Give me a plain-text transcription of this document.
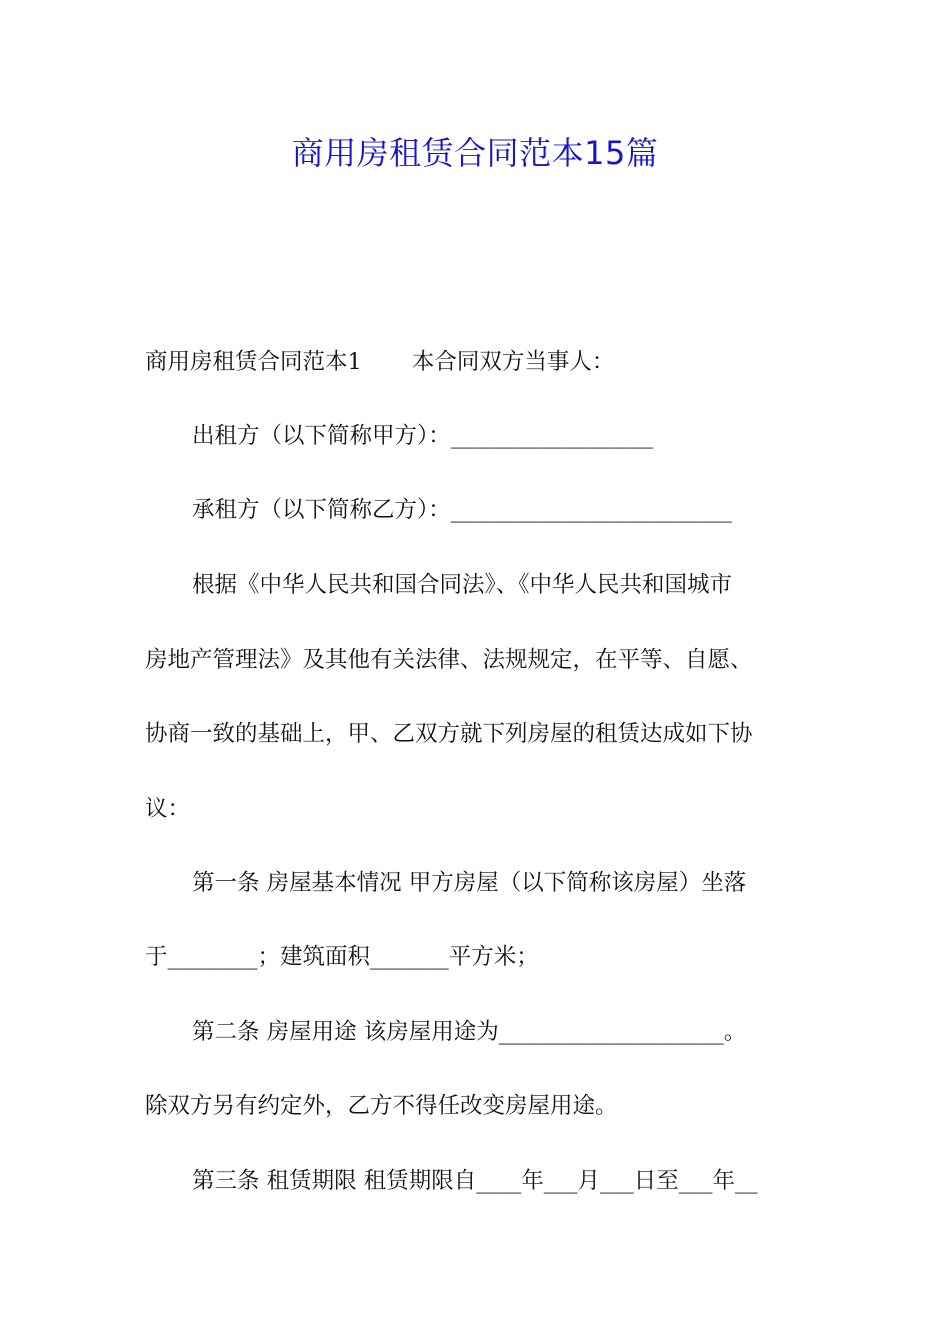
商用房租赁合同范本15篇
商用房租赁合同范本1 本合同双方当事人：
出租方（以下简称甲方）：__________________
承租方（以下简称乙方）：_________________________
根据《中华人民共和国合同法》、《中华人民共和国城市
房地产管理法》及其他有关法律、法规规定，在平等、自愿、
协商一致的基础上，甲、乙双方就下列房屋的租赁达成如下协
议：
第一条 房屋基本情况 甲方房屋（以下简称该房屋）坐落
于________；建筑面积_______平方米；
第二条 房屋用途 该房屋用途为____________________。
除双方另有约定外，乙方不得任改变房屋用途。
第三条 租赁期限 租赁期限自____年___月___日至___年__
